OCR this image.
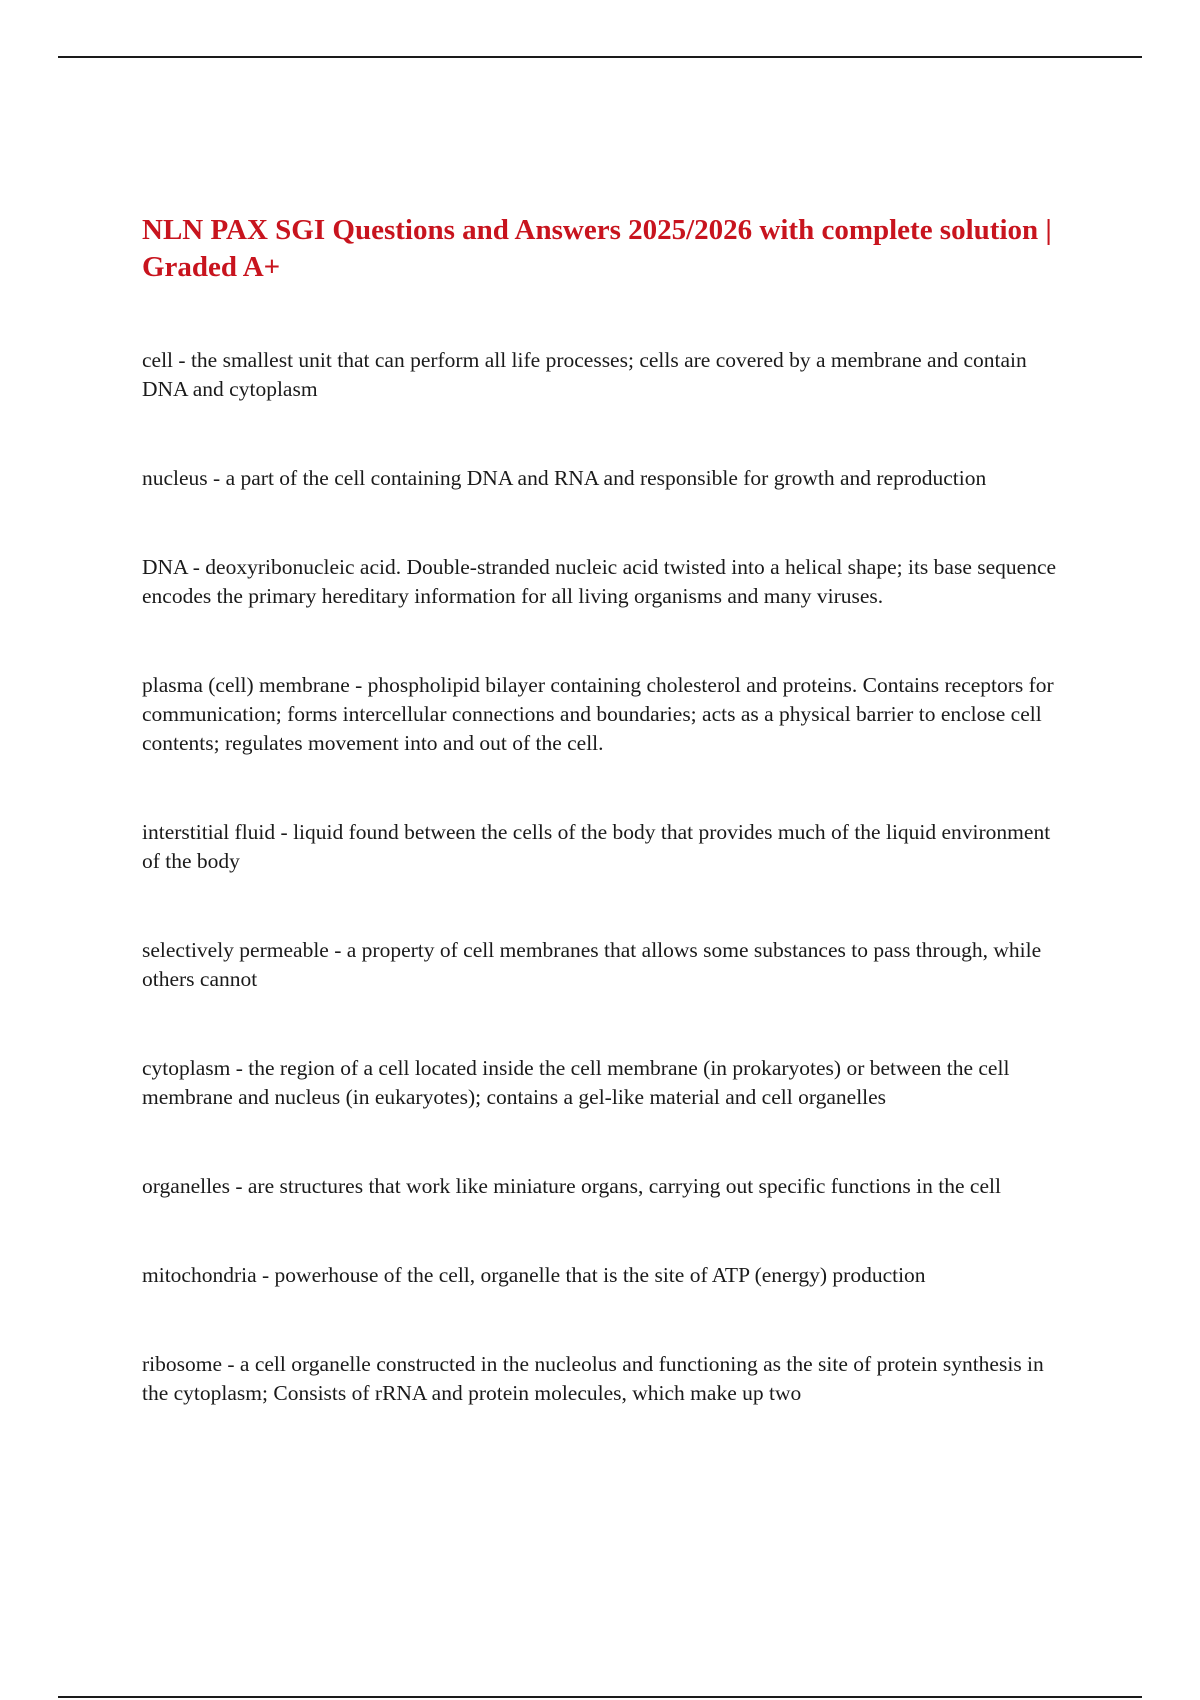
NLN PAX SGI Questions and Answers 2025/2026 with complete solution | Graded A+

cell - the smallest unit that can perform all life processes; cells are covered by a membrane and contain DNA and cytoplasm

nucleus - a part of the cell containing DNA and RNA and responsible for growth and reproduction

DNA - deoxyribonucleic acid. Double-stranded nucleic acid twisted into a helical shape; its base sequence encodes the primary hereditary information for all living organisms and many viruses.

plasma (cell) membrane - phospholipid bilayer containing cholesterol and proteins. Contains receptors for communication; forms intercellular connections and boundaries; acts as a physical barrier to enclose cell contents; regulates movement into and out of the cell.

interstitial fluid - liquid found between the cells of the body that provides much of the liquid environment of the body

selectively permeable - a property of cell membranes that allows some substances to pass through, while others cannot

cytoplasm - the region of a cell located inside the cell membrane (in prokaryotes) or between the cell membrane and nucleus (in eukaryotes); contains a gel-like material and cell organelles

organelles - are structures that work like miniature organs, carrying out specific functions in the cell

mitochondria - powerhouse of the cell, organelle that is the site of ATP (energy) production

ribosome - a cell organelle constructed in the nucleolus and functioning as the site of protein synthesis in the cytoplasm; Consists of rRNA and protein molecules, which make up two
